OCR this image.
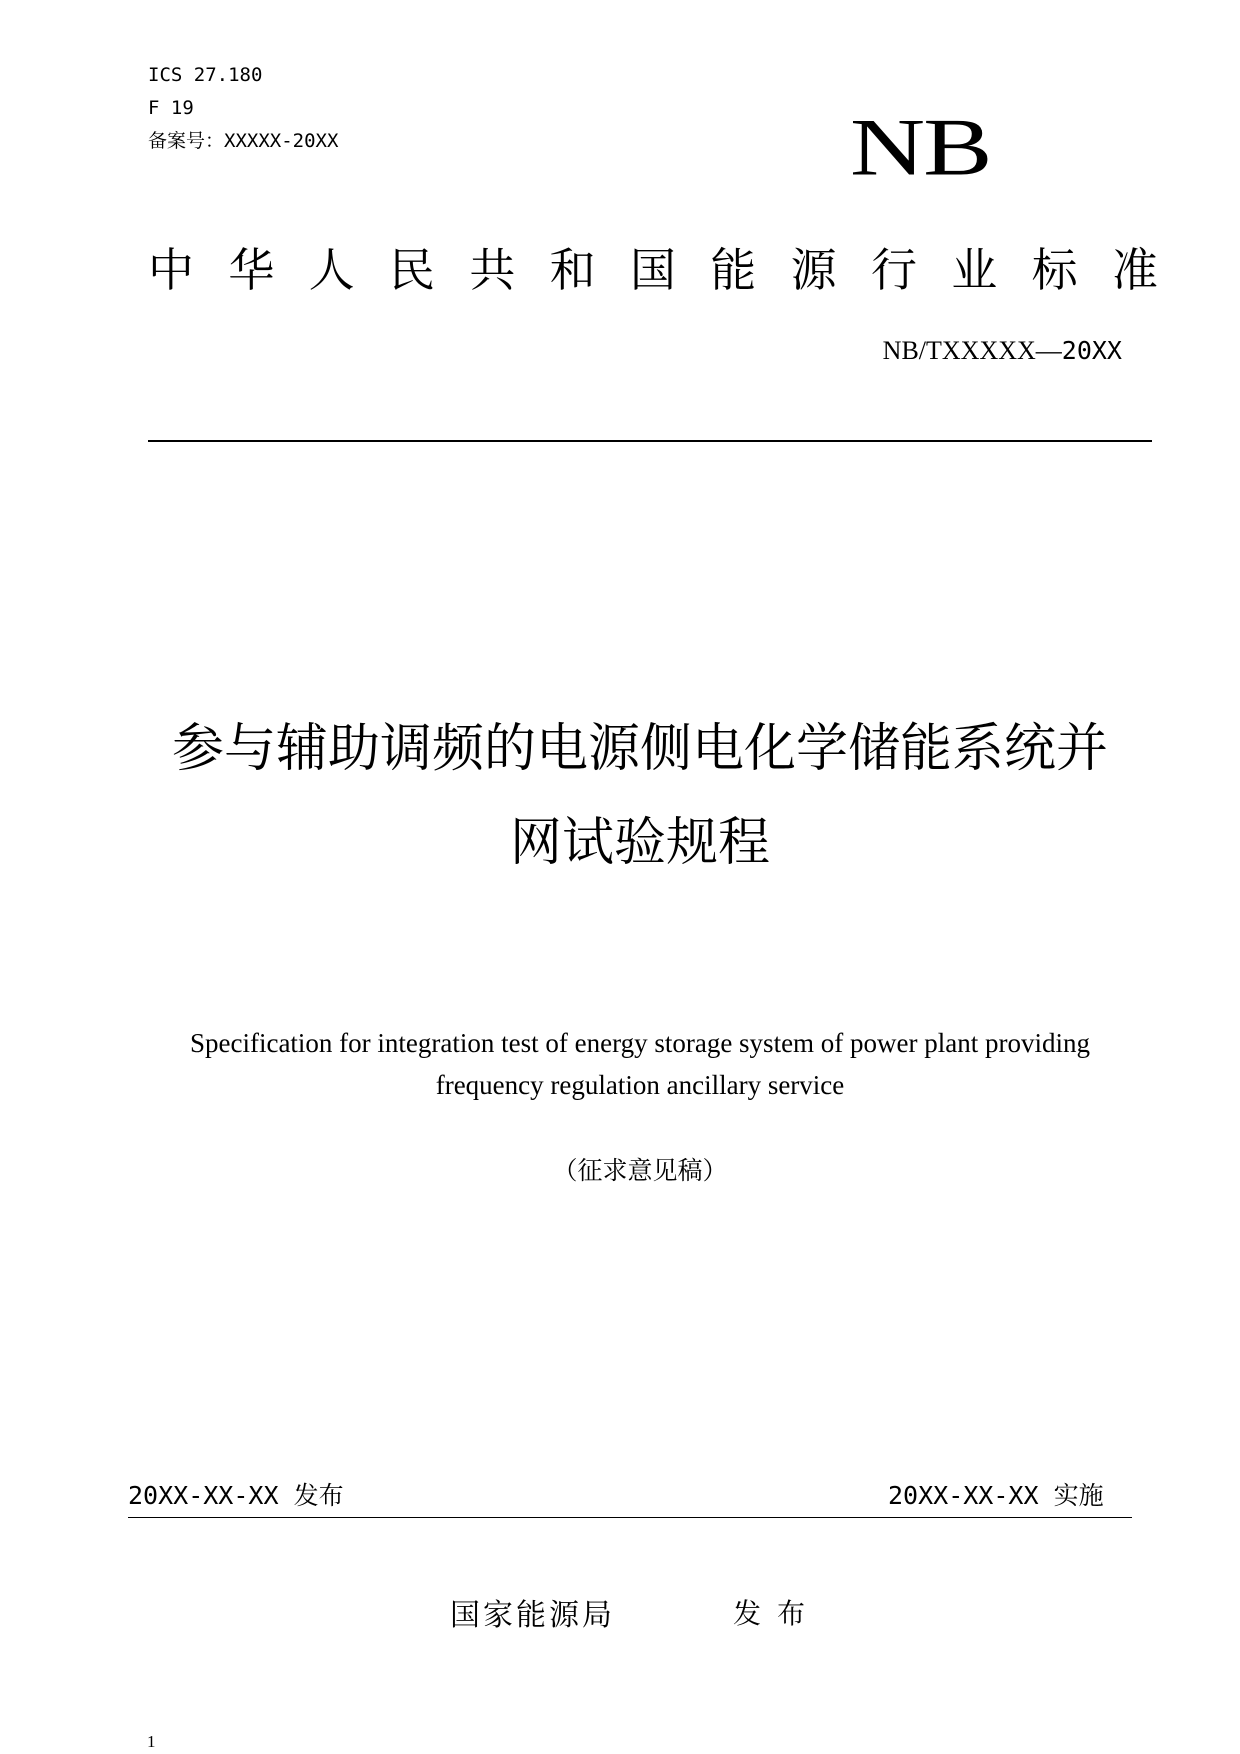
ICS 27.180
F 19
备案号：XXXXX-20XX	NB
中 华 人 民 共 和 国 能 源 行 业 标 准
NB/TXXXXX—20XX
参与辅助调频的电源侧电化学储能系统并
网试验规程
Specification for integration test of energy storage system of power plant providing
frequency regulation ancillary service
（征求意见稿）
20XX-XX-XX 发布	20XX-XX-XX 实施
国家能源局	发布
1
